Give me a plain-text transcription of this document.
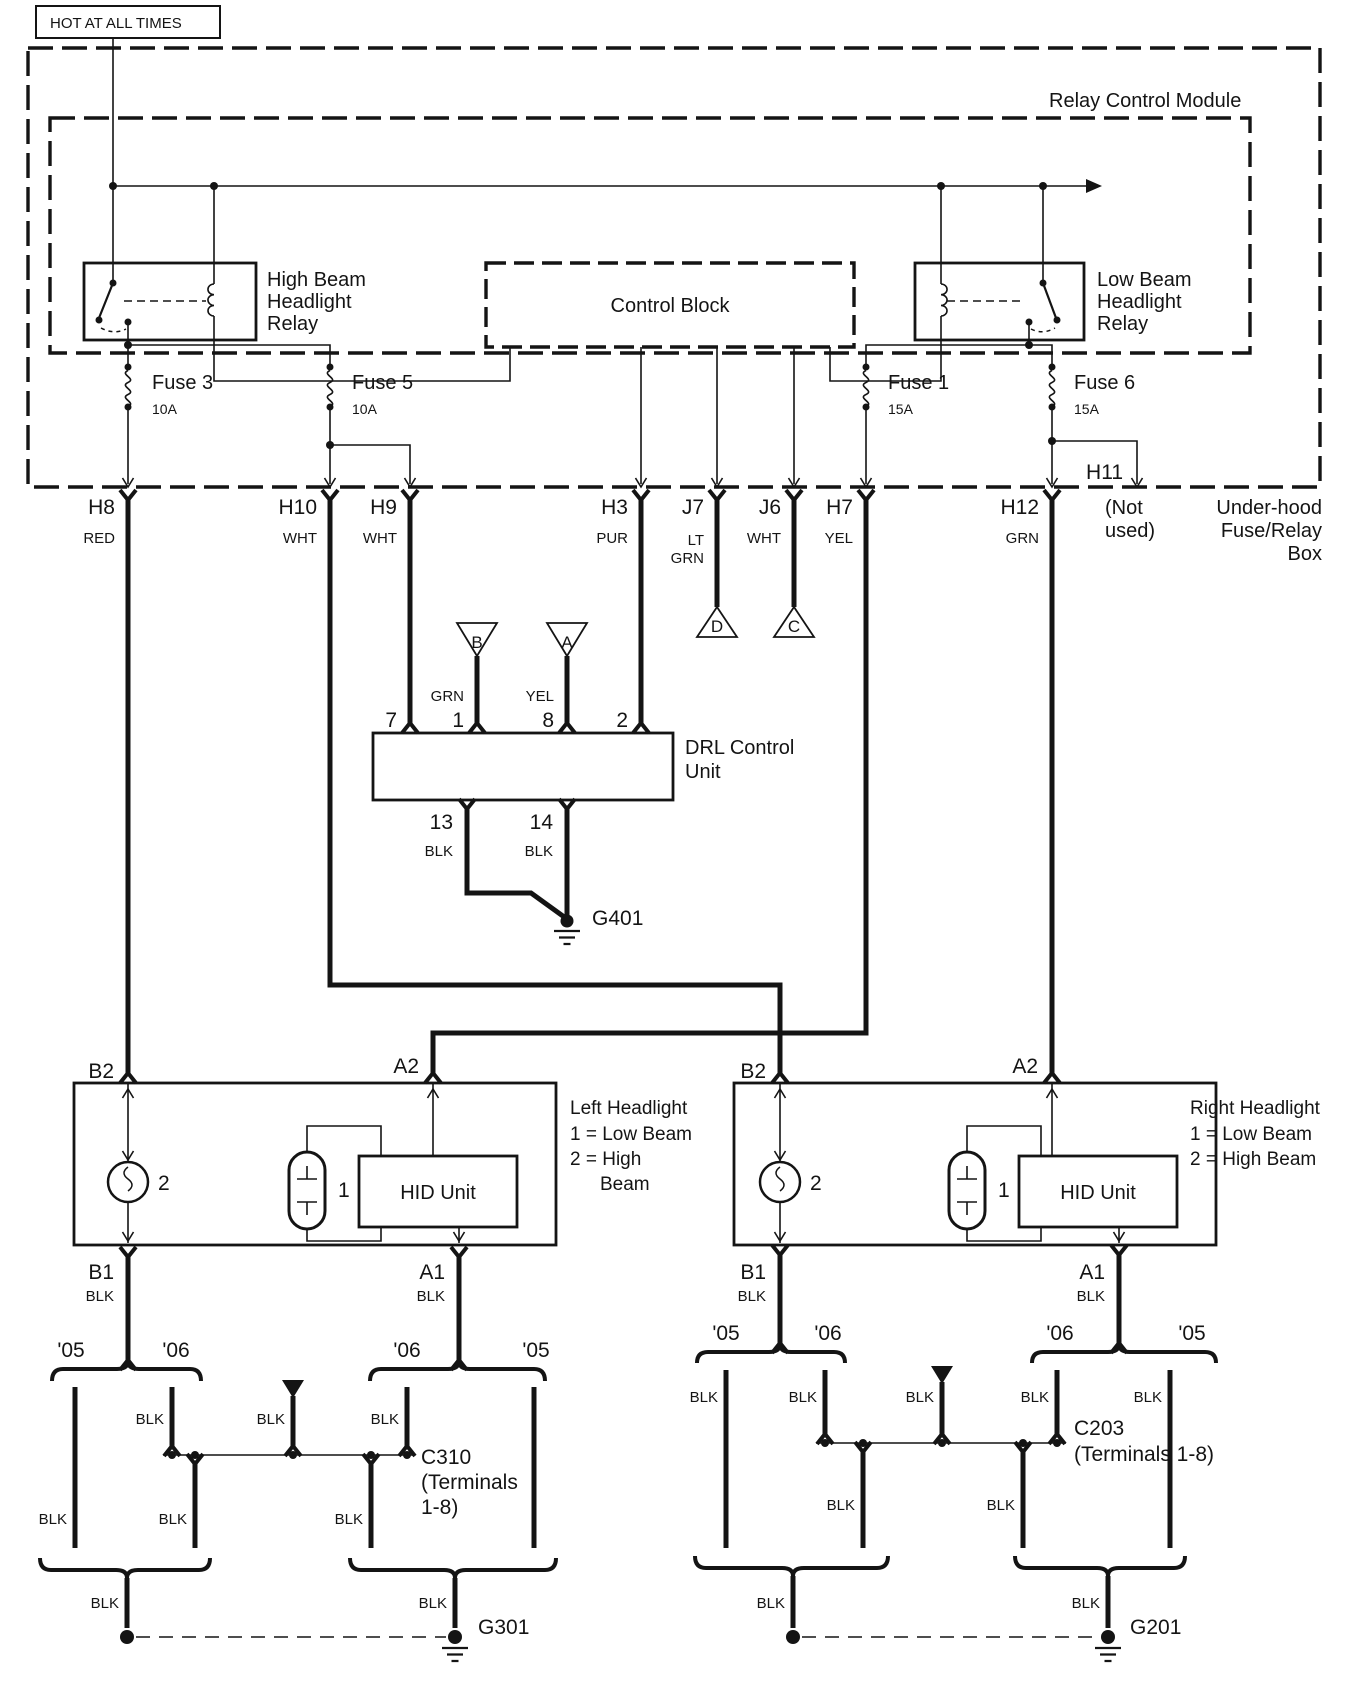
HOT AT ALL TIMES
Relay Control Module
Under-hood
Fuse/Relay
Box
High Beam
Headlight
Relay
Low Beam
Headlight
Relay
Control Block
Fuse 3
10A
Fuse 5
10A
Fuse 1
15A
Fuse 6
15A
H8
RED
H10
WHT
H9
WHT
H3
PUR
J7
LT
GRN
J6
WHT
H7
YEL
H12
GRN
H11
(Not
used)
B
GRN
A
YEL
D	C
DRL Control
Unit
7	1	8	2
13	14
BLK	BLK
G401
B2	A2
2	1	HID Unit
Left Headlight
1 = Low Beam
2 = High
Beam
B1
BLK
A1
BLK
B2	A2
2	1	HID Unit
Right Headlight
1 = Low Beam
2 = High Beam
B1
BLK
A1
BLK
'05	'06	'06	'05
BLK	BLK	BLK
C310
(Terminals
1-8)
BLK	BLK	BLK
BLK	BLK
G301
'05	'06	'06	'05
BLK	BLK	BLK	BLK	BLK
C203
(Terminals 1-8)
BLK	BLK
BLK	BLK
G201
